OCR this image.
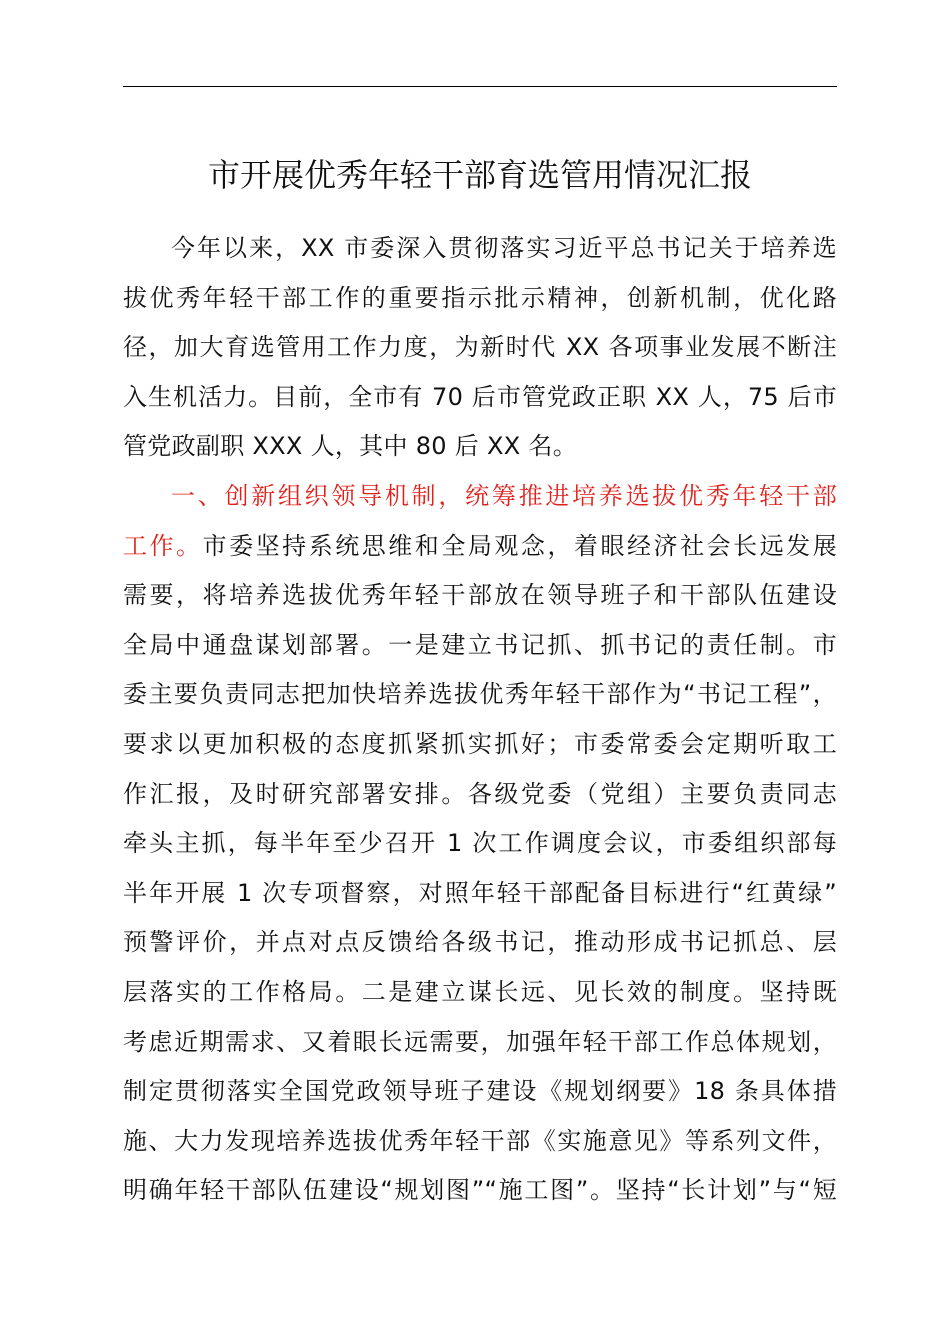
市开展优秀年轻干部育选管用情况汇报
今年以来，XX 市委深入贯彻落实习近平总书记关于培养选
拔优秀年轻干部工作的重要指示批示精神，创新机制，优化路
径，加大育选管用工作力度，为新时代 XX 各项事业发展不断注
入生机活力。目前，全市有 70 后市管党政正职 XX 人，75 后市
管党政副职 XXX 人，其中 80 后 XX 名。
一、创新组织领导机制，统筹推进培养选拔优秀年轻干部
工作。市委坚持系统思维和全局观念，着眼经济社会长远发展
需要，将培养选拔优秀年轻干部放在领导班子和干部队伍建设
全局中通盘谋划部署。一是建立书记抓、抓书记的责任制。市
委主要负责同志把加快培养选拔优秀年轻干部作为“书记工程”，
要求以更加积极的态度抓紧抓实抓好；市委常委会定期听取工
作汇报，及时研究部署安排。各级党委（党组）主要负责同志
牵头主抓，每半年至少召开 1 次工作调度会议，市委组织部每
半年开展 1 次专项督察，对照年轻干部配备目标进行“红黄绿”
预警评价，并点对点反馈给各级书记，推动形成书记抓总、层
层落实的工作格局。二是建立谋长远、见长效的制度。坚持既
考虑近期需求、又着眼长远需要，加强年轻干部工作总体规划，
制定贯彻落实全国党政领导班子建设《规划纲要》18 条具体措
施、大力发现培养选拔优秀年轻干部《实施意见》等系列文件，
明确年轻干部队伍建设“规划图”“施工图”。坚持“长计划”与“短
